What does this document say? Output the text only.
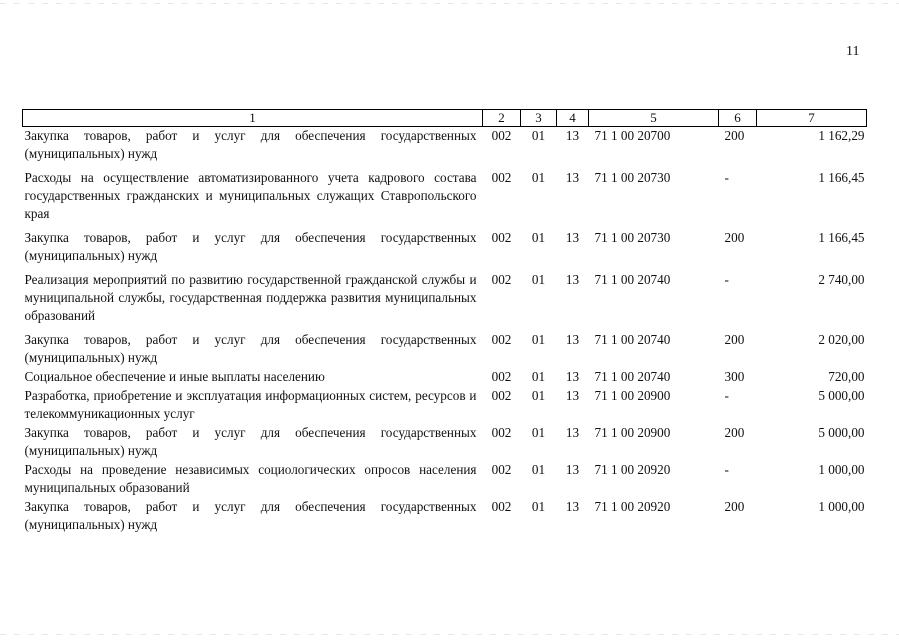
11
1	2	3	4	5	6	7
Закупка товаров, работ и услуг для обеспечения государственных (муниципальных) нужд	002	01	13	71 1 00 20700	200	1 162,29
Расходы на осуществление автоматизированного учета кадрового состава государственных гражданских и муниципальных служащих Ставропольского края	002	01	13	71 1 00 20730	-	1 166,45
Закупка товаров, работ и услуг для обеспечения государственных (муниципальных) нужд	002	01	13	71 1 00 20730	200	1 166,45
Реализация мероприятий по развитию государственной гражданской службы и муниципальной службы, государственная поддержка развития муниципальных образований	002	01	13	71 1 00 20740	-	2 740,00
Закупка товаров, работ и услуг для обеспечения государственных (муниципальных) нужд	002	01	13	71 1 00 20740	200	2 020,00
Социальное обеспечение и иные выплаты населению	002	01	13	71 1 00 20740	300	720,00
Разработка, приобретение и эксплуатация информационных систем, ресурсов и телекоммуникационных услуг	002	01	13	71 1 00 20900	-	5 000,00
Закупка товаров, работ и услуг для обеспечения государственных (муниципальных) нужд	002	01	13	71 1 00 20900	200	5 000,00
Расходы на проведение независимых социологических опросов населения муниципальных образований	002	01	13	71 1 00 20920	-	1 000,00
Закупка товаров, работ и услуг для обеспечения государственных (муниципальных) нужд	002	01	13	71 1 00 20920	200	1 000,00
